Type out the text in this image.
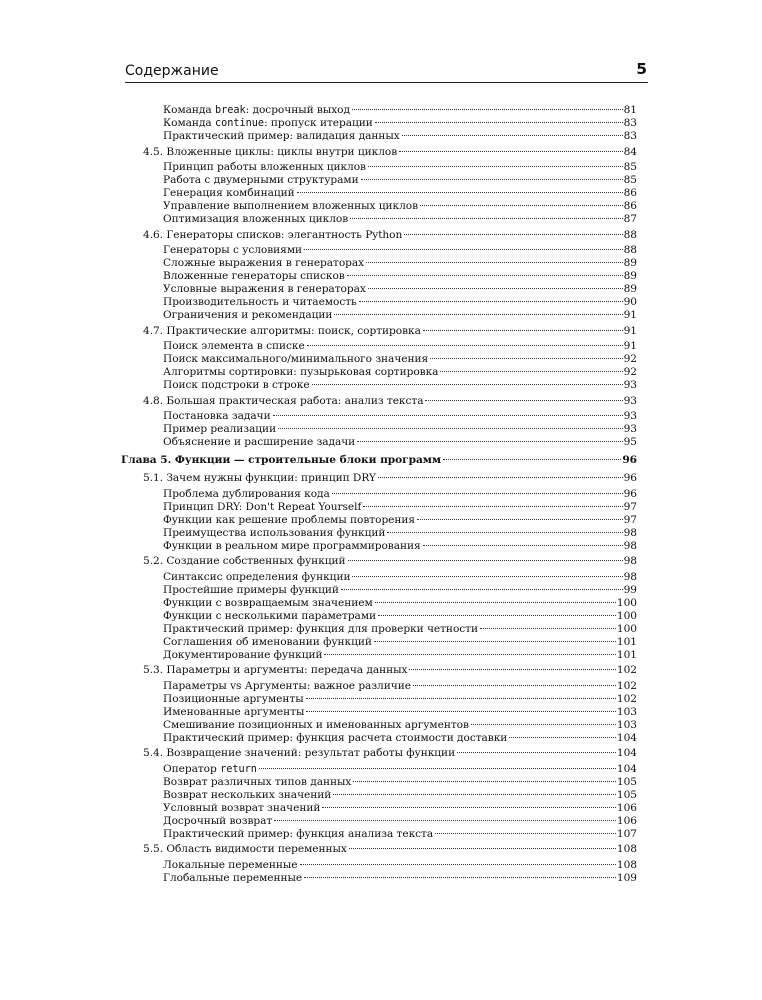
Содержание	5
Команда break: досрочный выход	81
Команда continue: пропуск итерации	83
Практический пример: валидация данных	83
4.5. Вложенные циклы: циклы внутри циклов	84
Принцип работы вложенных циклов	85
Работа с двумерными структурами	85
Генерация комбинаций	86
Управление выполнением вложенных циклов	86
Оптимизация вложенных циклов	87
4.6. Генераторы списков: элегантность Python	88
Генераторы с условиями	88
Сложные выражения в генераторах	89
Вложенные генераторы списков	89
Условные выражения в генераторах	89
Производительность и читаемость	90
Ограничения и рекомендации	91
4.7. Практические алгоритмы: поиск, сортировка	91
Поиск элемента в списке	91
Поиск максимального/минимального значения	92
Алгоритмы сортировки: пузырьковая сортировка	92
Поиск подстроки в строке	93
4.8. Большая практическая работа: анализ текста	93
Постановка задачи	93
Пример реализации	93
Объяснение и расширение задачи	95
Глава 5. Функции — строительные блоки программ	96
5.1. Зачем нужны функции: принцип DRY	96
Проблема дублирования кода	96
Принцип DRY: Don't Repeat Yourself	97
Функции как решение проблемы повторения	97
Преимущества использования функций	98
Функции в реальном мире программирования	98
5.2. Создание собственных функций	98
Синтаксис определения функции	98
Простейшие примеры функций	99
Функции с возвращаемым значением	100
Функции с несколькими параметрами	100
Практический пример: функция для проверки четности	100
Соглашения об именовании функций	101
Документирование функций	101
5.3. Параметры и аргументы: передача данных	102
Параметры vs Аргументы: важное различие	102
Позиционные аргументы	102
Именованные аргументы	103
Смешивание позиционных и именованных аргументов	103
Практический пример: функция расчета стоимости доставки	104
5.4. Возвращение значений: результат работы функции	104
Оператор return	104
Возврат различных типов данных	105
Возврат нескольких значений	105
Условный возврат значений	106
Досрочный возврат	106
Практический пример: функция анализа текста	107
5.5. Область видимости переменных	108
Локальные переменные	108
Глобальные переменные	109
